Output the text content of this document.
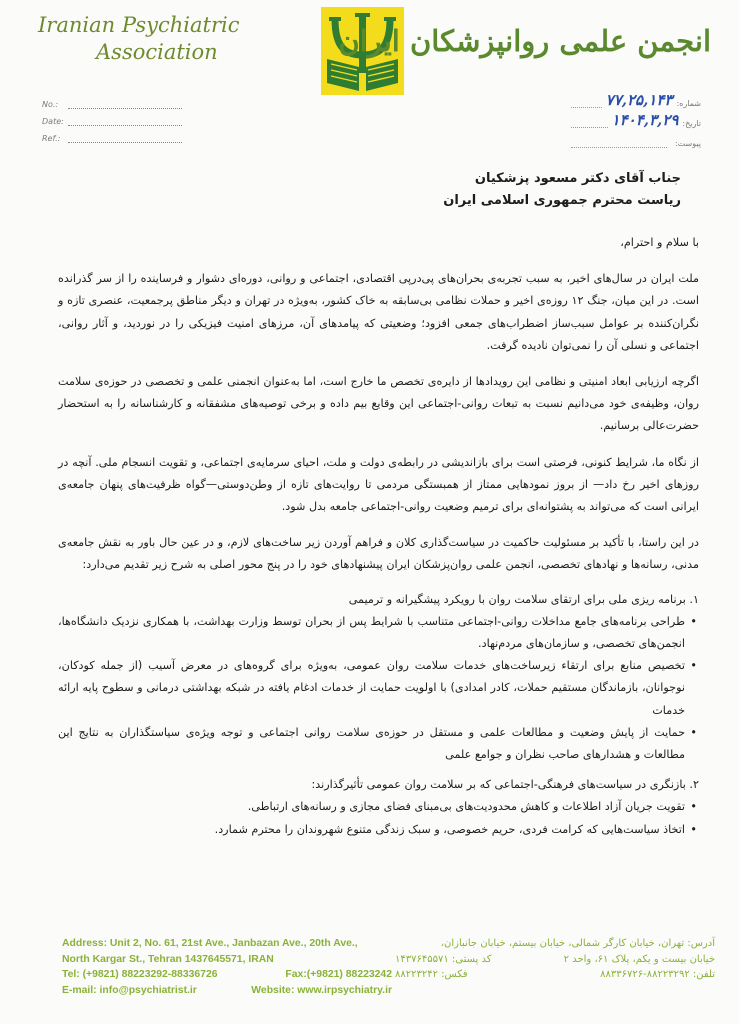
Iranian Psychiatric
Association	انجمن علمی روانپزشکان ایران
No.:
Date:
Ref.:
شماره:
۷۷,۲۵,۱۴۳
تاریخ:
۱۴۰۴,۳,۲۹
پیوست:
جناب آقای دکتر مسعود پزشکیان
ریاست محترم جمهوری اسلامی ایران
با سلام و احترام،
ملت ایران در سال‌های اخیر، به سبب تجربه‌ی بحران‌های پی‌درپی اقتصادی، اجتماعی و روانی، دوره‌ای دشوار و فرساینده را از سر گذرانده است. در این میان، جنگ ۱۲ روزه‌ی اخیر و حملات نظامی بی‌سابقه به خاک کشور، به‌ویژه در تهران و دیگر مناطق پرجمعیت، عنصری تازه و نگران‌کننده بر عوامل سبب‌ساز اضطراب‌های جمعی افزود؛ وضعیتی که پیامدهای آن، مرزهای امنیت فیزیکی را در نوردید، و آثار روانی، اجتماعی و نسلی آن را نمی‌توان نادیده گرفت.
اگرچه ارزیابی ابعاد امنیتی و نظامی این رویدادها از دایره‌ی تخصص ما خارج است، اما به‌عنوان انجمنی علمی و تخصصی در حوزه‌ی سلامت روان، وظیفه‌ی خود می‌دانیم نسبت به تبعات روانی-اجتماعی این وقایع بیم داده و برخی توصیه‌های مشفقانه و کارشناسانه را به استحضار حضرت‌عالی برسانیم.
از نگاه ما، شرایط کنونی، فرصتی است برای بازاندیشی در رابطه‌ی دولت و ملت، احیای سرمایه‌ی اجتماعی، و تقویت انسجام ملی. آنچه در روزهای اخیر رخ داد— از بروز نمودهایی ممتاز از همبستگی مردمی تا روایت‌های تازه از وطن‌دوستی—گواه ظرفیت‌های پنهان جامعه‌ی ایرانی است که می‌تواند به پشتوانه‌ای برای ترمیم وضعیت روانی-اجتماعی جامعه بدل شود.
در این راستا، با تأکید بر مسئولیت حاکمیت در سیاست‌گذاری کلان و فراهم آوردن زیر ساخت‌های لازم، و در عین حال باور به نقش جامعه‌ی مدنی، رسانه‌ها و نهادهای تخصصی، انجمن علمی روان‌پزشکان ایران پیشنهادهای خود را در پنج محور اصلی به شرح زیر تقدیم می‌دارد:
۱. برنامه ریزی ملی برای ارتقای سلامت روان با رویکرد پیشگیرانه و ترمیمی
•
طراحی برنامه‌های جامع مداخلات روانی-اجتماعی متناسب با شرایط پس از بحران توسط وزارت بهداشت، با همکاری نزدیک دانشگاه‌ها، انجمن‌های تخصصی، و سازمان‌های مردم‌نهاد.
•
تخصیص منابع برای ارتقاء زیرساخت‌های خدمات سلامت روان عمومی، به‌ویژه برای گروه‌های در معرض آسیب (از جمله کودکان، نوجوانان، بازماندگان مستقیم حملات، کادر امدادی) با اولویت حمایت از خدمات ادغام یافته در شبکه بهداشتی درمانی و سطوح پایه ارائه خدمات
•
حمایت از پایش وضعیت و مطالعات علمی و مستقل در حوزه‌ی سلامت روانی اجتماعی و توجه ویژه‌ی سیاستگذاران به نتایج این مطالعات و هشدارهای صاحب نظران و جوامع علمی
۲. بازنگری در سیاست‌های فرهنگی-اجتماعی که بر سلامت روان عمومی تأثیرگذارند:
•
تقویت جریان آزاد اطلاعات و کاهش محدودیت‌های بی‌مبنای فضای مجازی و رسانه‌های ارتباطی.
•
اتخاذ سیاست‌هایی که کرامت فردی، حریم خصوصی، و سبک زندگی متنوع شهروندان را محترم شمارد.
Address: Unit 2, No. 61, 21st Ave., Janbazan Ave., 20th Ave.,
North Kargar St., Tehran 1437645571, IRAN
Tel: (+9821) 88223292-88336726	Fax:(+9821) 88223242
E-mail: info@psychiatrist.ir	Website: www.irpsychiatry.ir
آدرس: تهران، خیابان کارگر شمالی، خیابان بیستم، خیابان جانبازان،
خیابان بیست و یکم، پلاک ۶۱، واحد ۲
کد پستی: ۱۴۳۷۶۴۵۵۷۱
تلفن: ۸۸۲۲۳۲۹۲-۸۸۳۳۶۷۲۶
فکس: ۸۸۲۲۳۲۴۲
